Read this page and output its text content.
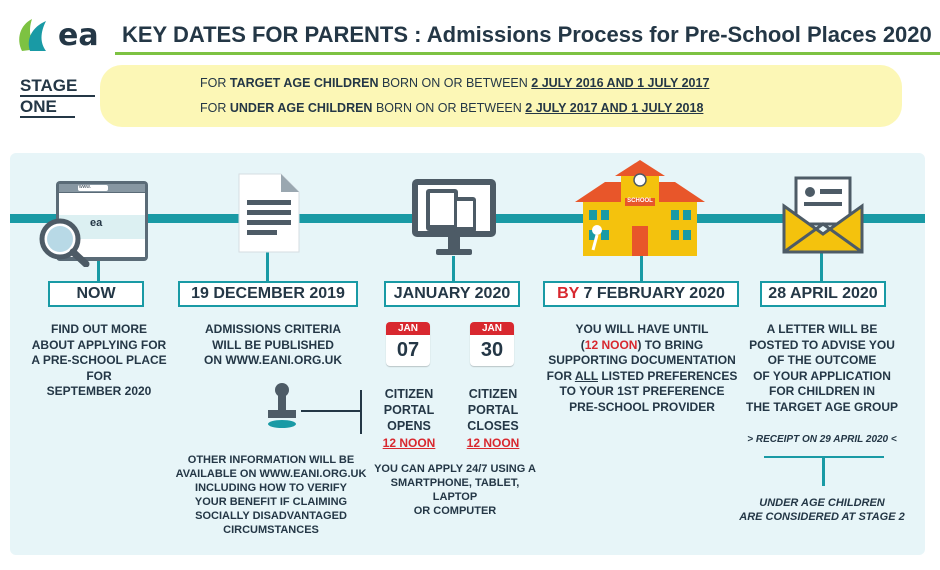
ea KEY DATES FOR PARENTS : Admissions Process for Pre-School Places 2020
STAGE
ONE
FOR TARGET AGE CHILDREN BORN ON OR BETWEEN 2 JULY 2016 AND 1 JULY 2017
FOR UNDER AGE CHILDREN BORN ON OR BETWEEN 2 JULY 2017 AND 1 JULY 2018
www.
ea
SCHOOL
NOW	19 DECEMBER 2019	JANUARY 2020	BY 7 FEBRUARY 2020	28 APRIL 2020
FIND OUT MORE
ABOUT APPLYING FOR
A PRE-SCHOOL PLACE FOR
SEPTEMBER 2020
ADMISSIONS CRITERIA
WILL BE PUBLISHED
ON WWW.EANI.ORG.UK
OTHER INFORMATION WILL BE
AVAILABLE ON WWW.EANI.ORG.UK
INCLUDING HOW TO VERIFY
YOUR BENEFIT IF CLAIMING
SOCIALLY DISADVANTAGED
CIRCUMSTANCES
JAN
07
JAN
30
CITIZEN
PORTAL
OPENS
12 NOON
CITIZEN
PORTAL
CLOSES
12 NOON
YOU CAN APPLY 24/7 USING A
SMARTPHONE, TABLET, LAPTOP
OR COMPUTER
YOU WILL HAVE UNTIL
(12 NOON) TO BRING
SUPPORTING DOCUMENTATION
FOR ALL LISTED PREFERENCES
TO YOUR 1ST PREFERENCE
PRE-SCHOOL PROVIDER
A LETTER WILL BE
POSTED TO ADVISE YOU
OF THE OUTCOME
OF YOUR APPLICATION
FOR CHILDREN IN
THE TARGET AGE GROUP
> RECEIPT ON 29 APRIL 2020 <
UNDER AGE CHILDREN
ARE CONSIDERED AT STAGE 2
